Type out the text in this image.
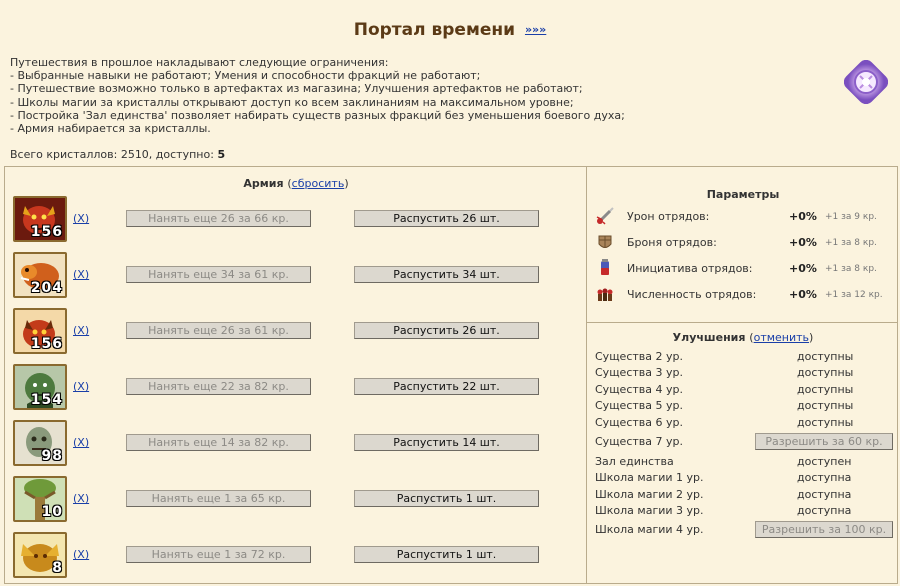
Портал времени »»»
Путешествия в прошлое накладывают следующие ограничения:
- Выбранные навыки не работают; Умения и способности фракций не работают;
- Путешествие возможно только в артефактах из магазина; Улучшения артефактов не работают;
- Школы магии за кристаллы открывают доступ ко всем заклинаниям на максимальном уровне;
- Постройка 'Зал единства' позволяет набирать существ разных фракций без уменьшения боевого духа;
- Армия набирается за кристаллы.
Всего кристаллов: 2510, доступно: 5
Армия (сбросить)
156
(X)	Нанять еще 26 за 66 кр.	Распустить 26 шт.
204
(X)	Нанять еще 34 за 61 кр.	Распустить 34 шт.
156
(X)	Нанять еще 26 за 61 кр.	Распустить 26 шт.
154
(X)	Нанять еще 22 за 82 кр.	Распустить 22 шт.
98
(X)	Нанять еще 14 за 82 кр.	Распустить 14 шт.
10
(X)	Нанять еще 1 за 65 кр.	Распустить 1 шт.
8
(X)	Нанять еще 1 за 72 кр.	Распустить 1 шт.
Параметры
Урон отрядов:	+0% +1 за 9 кр.
Броня отрядов:	+0% +1 за 8 кр.
Инициатива отрядов:	+0% +1 за 8 кр.
Численность отрядов:	+0% +1 за 12 кр.
Улучшения (отменить)
Существа 2 ур.	доступны
Существа 3 ур.	доступны
Существа 4 ур.	доступны
Существа 5 ур.	доступны
Существа 6 ур.	доступны
Существа 7 ур.	Разрешить за 60 кр.
Зал единства	доступен
Школа магии 1 ур.	доступна
Школа магии 2 ур.	доступна
Школа магии 3 ур.	доступна
Школа магии 4 ур.	Разрешить за 100 кр.
